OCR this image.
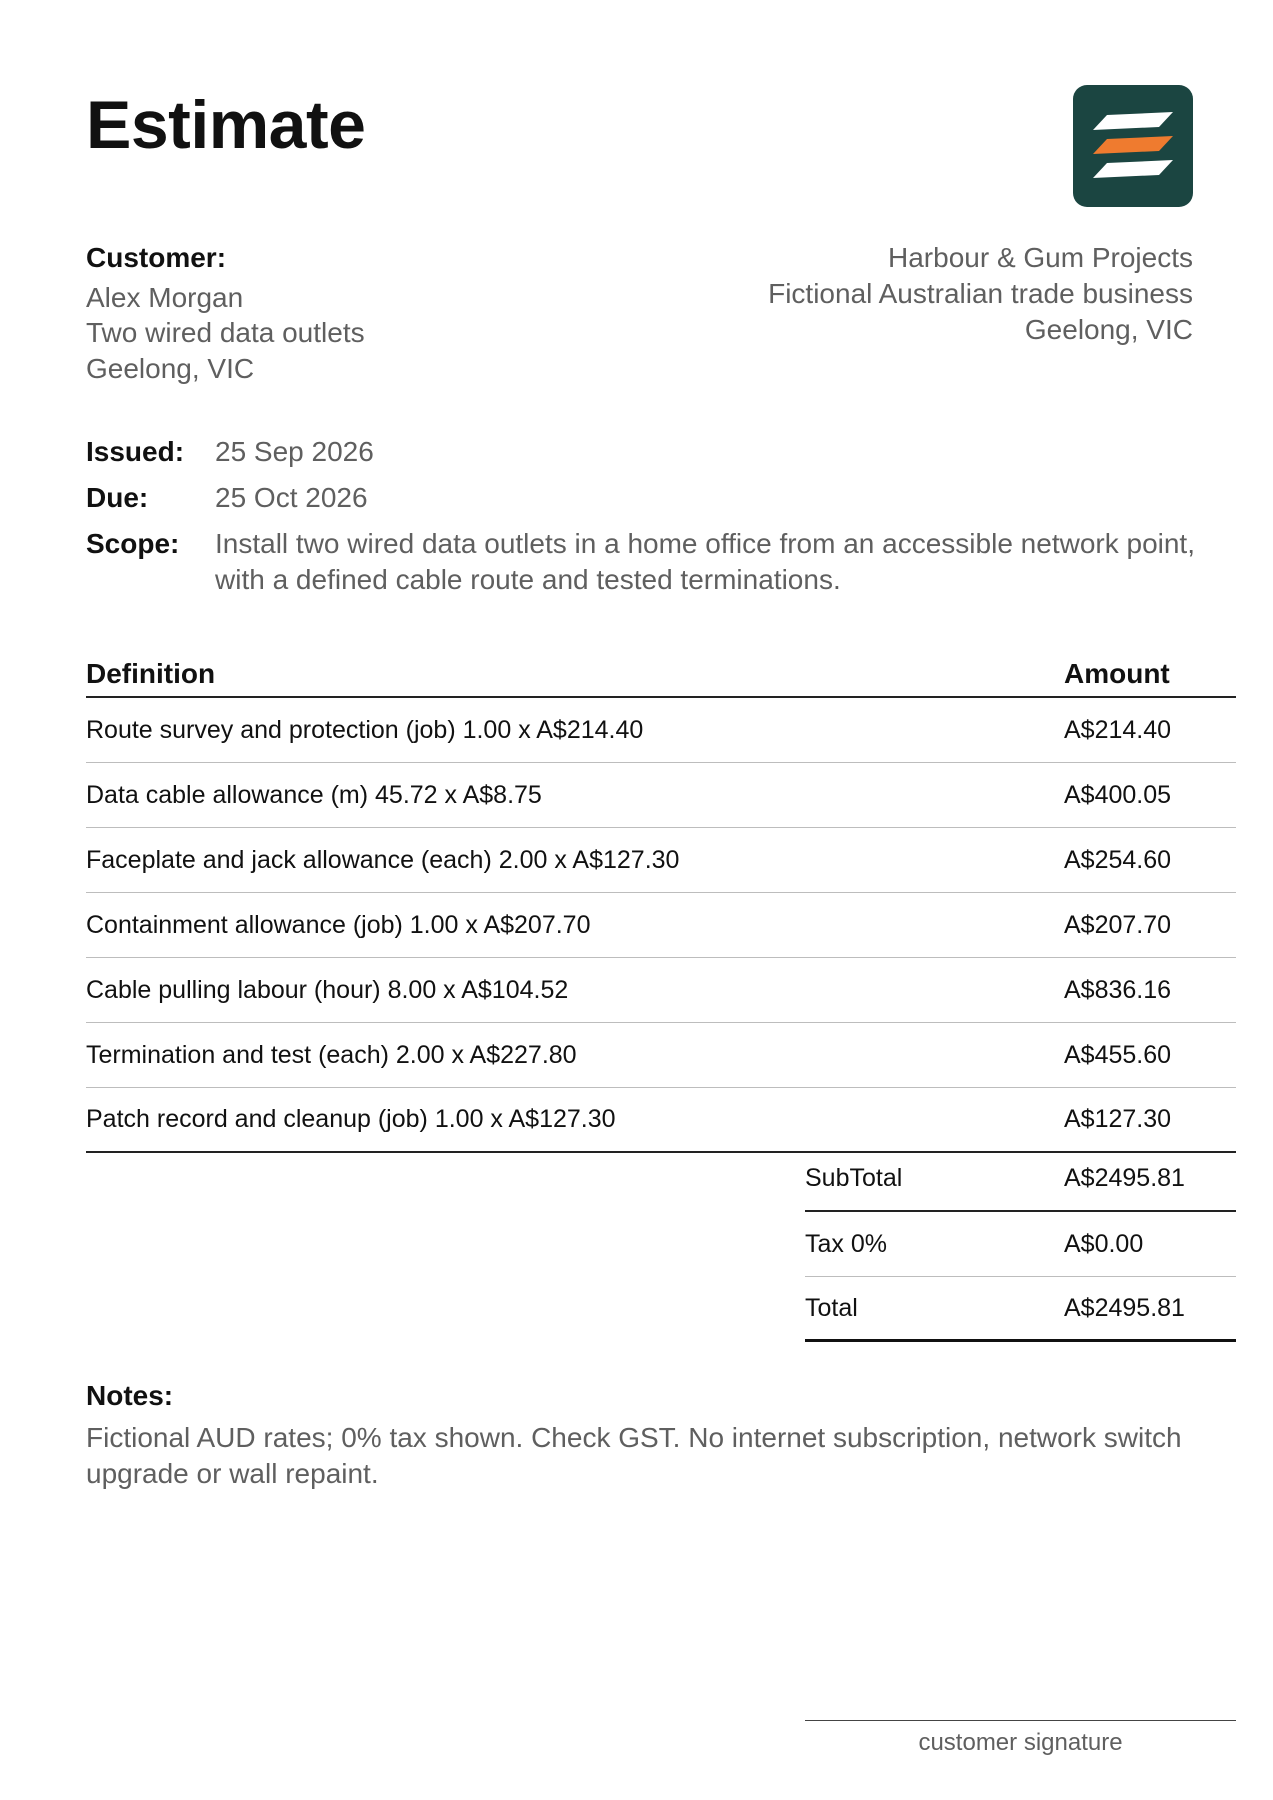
Estimate
Customer:
Alex Morgan
Two wired data outlets
Geelong, VIC
Harbour & Gum Projects
Fictional Australian trade business
Geelong, VIC
Issued:	25 Sep 2026
Due:	25 Oct 2026
Scope:	Install two wired data outlets in a home office from an accessible network point, with a defined cable route and tested terminations.
Definition	Amount
Route survey and protection (job) 1.00 x A$214.40	A$214.40
Data cable allowance (m) 45.72 x A$8.75	A$400.05
Faceplate and jack allowance (each) 2.00 x A$127.30	A$254.60
Containment allowance (job) 1.00 x A$207.70	A$207.70
Cable pulling labour (hour) 8.00 x A$104.52	A$836.16
Termination and test (each) 2.00 x A$227.80	A$455.60
Patch record and cleanup (job) 1.00 x A$127.30	A$127.30
SubTotal	A$2495.81
Tax 0%	A$0.00
Total	A$2495.81
Notes:
Fictional AUD rates; 0% tax shown. Check GST. No internet subscription, network switch upgrade or wall repaint.
customer signature
